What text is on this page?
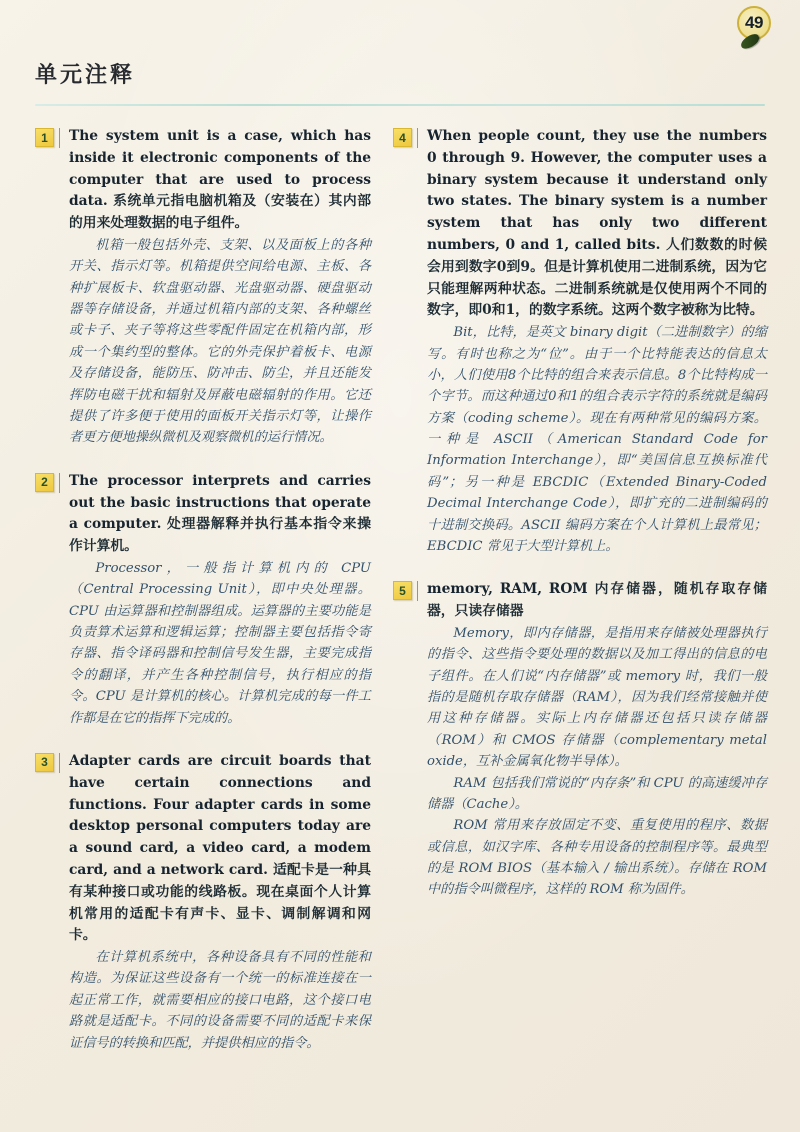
49
单元注释
1	The system unit is a case, which has inside it electronic components of the computer that are used to process data. 系统单元指电脑机箱及（安装在）其内部的用来处理数据的电子组件。

机箱一般包括外壳、支架、以及面板上的各种开关、指示灯等。机箱提供空间给电源、主板、各种扩展板卡、软盘驱动器、光盘驱动器、硬盘驱动器等存储设备，并通过机箱内部的支架、各种螺丝或卡子、夹子等将这些零配件固定在机箱内部，形成一个集约型的整体。它的外壳保护着板卡、电源及存储设备，能防压、防冲击、防尘，并且还能发挥防电磁干扰和辐射及屏蔽电磁辐射的作用。它还提供了许多便于使用的面板开关指示灯等，让操作者更方便地操纵微机及观察微机的运行情况。

2	The processor interprets and carries out the basic instructions that operate a computer. 处理器解释并执行基本指令来操作计算机。

Processor，一般指计算机内的 CPU（Central Processing Unit），即中央处理器。CPU 由运算器和控制器组成。运算器的主要功能是负责算术运算和逻辑运算；控制器主要包括指令寄存器、指令译码器和控制信号发生器，主要完成指令的翻译，并产生各种控制信号，执行相应的指令。CPU 是计算机的核心。计算机完成的每一件工作都是在它的指挥下完成的。

3	Adapter cards are circuit boards that have certain connections and functions. Four adapter cards in some desktop personal computers today are a sound card, a video card, a modem card, and a network card. 适配卡是一种具有某种接口或功能的线路板。现在桌面个人计算机常用的适配卡有声卡、显卡、调制解调和网卡。

在计算机系统中，各种设备具有不同的性能和构造。为保证这些设备有一个统一的标准连接在一起正常工作，就需要相应的接口电路，这个接口电路就是适配卡。不同的设备需要不同的适配卡来保证信号的转换和匹配，并提供相应的指令。

4	When people count, they use the numbers 0 through 9. However, the computer uses a binary system because it understand only two states. The binary system is a number system that has only two different numbers, 0 and 1, called bits. 人们数数的时候会用到数字0到9。但是计算机使用二进制系统，因为它只能理解两种状态。二进制系统就是仅使用两个不同的数字，即0和1，的数字系统。这两个数字被称为比特。

Bit，比特，是英文 binary digit（二进制数字）的缩写。有时也称之为“位”。由于一个比特能表达的信息太小，人们使用8个比特的组合来表示信息。8个比特构成一个字节。而这种通过0和1的组合表示字符的系统就是编码方案（coding scheme）。现在有两种常见的编码方案。一种是 ASCII（American Standard Code for Information Interchange），即“美国信息互换标准代码”；另一种是 EBCDIC（Extended Binary-Coded Decimal Interchange Code），即扩充的二进制编码的十进制交换码。ASCII 编码方案在个人计算机上最常见；EBCDIC 常见于大型计算机上。

5	memory, RAM, ROM 内存储器，随机存取存储器，只读存储器

Memory，即内存储器，是指用来存储被处理器执行的指令、这些指令要处理的数据以及加工得出的信息的电子组件。在人们说“内存储器”或 memory 时，我们一般指的是随机存取存储器（RAM），因为我们经常接触并使用这种存储器。实际上内存储器还包括只读存储器（ROM）和 CMOS 存储器（complementary metal oxide，互补金属氧化物半导体）。

RAM 包括我们常说的“内存条”和 CPU 的高速缓冲存储器（Cache）。

ROM 常用来存放固定不变、重复使用的程序、数据或信息，如汉字库、各种专用设备的控制程序等。最典型的是 ROM BIOS（基本输入 / 输出系统）。存储在 ROM 中的指令叫微程序，这样的 ROM 称为固件。
